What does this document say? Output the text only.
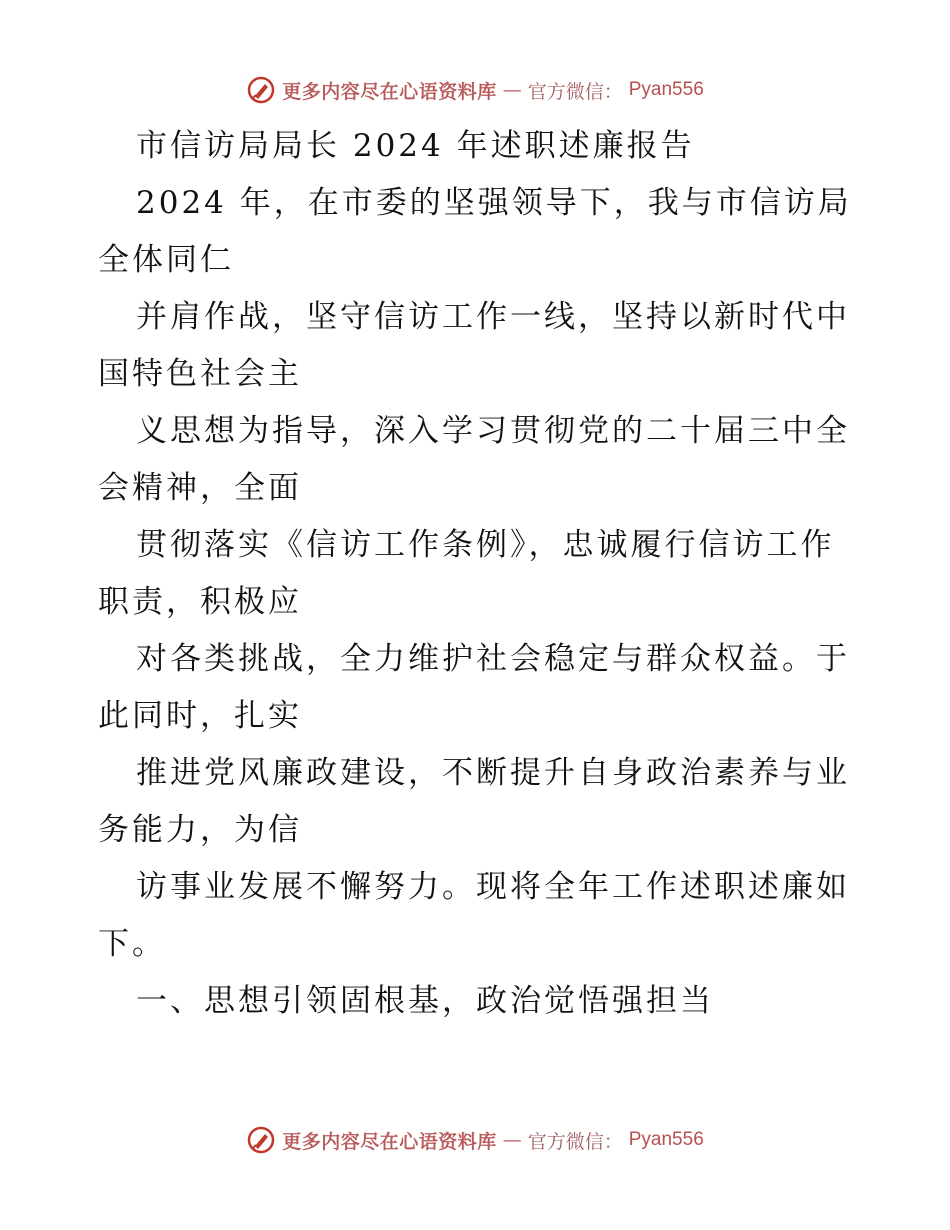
更多内容尽在心语资料库 — 官方微信： Pyan556
市信访局局长 2024 年述职述廉报告
2024 年，在市委的坚强领导下，我与市信访局
全体同仁
并肩作战，坚守信访工作一线，坚持以新时代中
国特色社会主
义思想为指导，深入学习贯彻党的二十届三中全
会精神，全面
贯彻落实《信访工作条例》，忠诚履行信访工作
职责，积极应
对各类挑战，全力维护社会稳定与群众权益。于
此同时，扎实
推进党风廉政建设，不断提升自身政治素养与业
务能力，为信
访事业发展不懈努力。现将全年工作述职述廉如
下。
一、思想引领固根基，政治觉悟强担当
更多内容尽在心语资料库 — 官方微信： Pyan556
